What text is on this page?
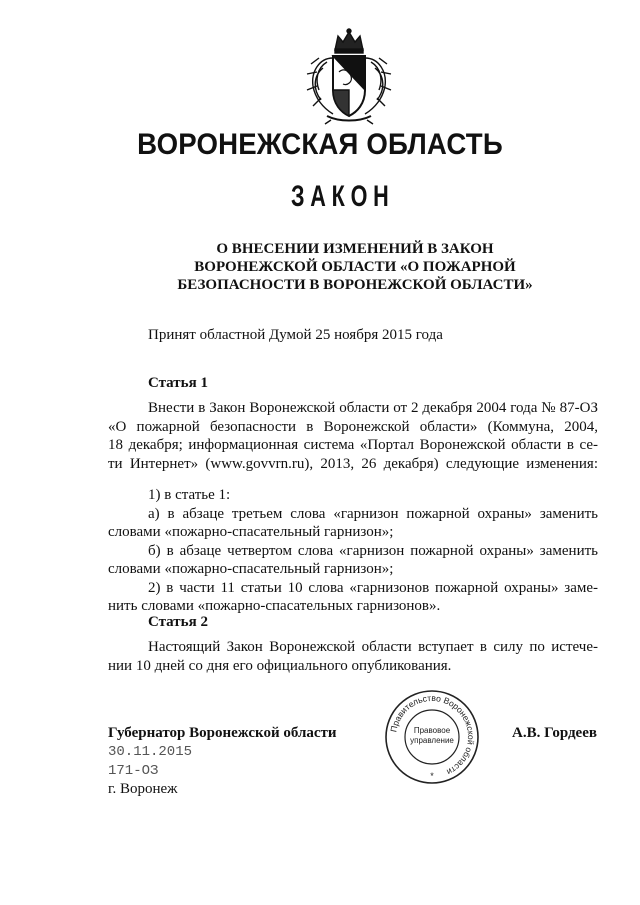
ВОРОНЕЖСКАЯ ОБЛАСТЬ
ЗАКОН
О ВНЕСЕНИИ ИЗМЕНЕНИЙ В ЗАКОН
ВОРОНЕЖСКОЙ ОБЛАСТИ «О ПОЖАРНОЙ
БЕЗОПАСНОСТИ В ВОРОНЕЖСКОЙ ОБЛАСТИ»
Принят областной Думой 25 ноября 2015 года
Статья 1
Внести в Закон Воронежской области от 2 декабря 2004 года № 87-ОЗ
«О пожарной безопасности в Воронежской области» (Коммуна, 2004,
18 декабря; информационная система «Портал Воронежской области в се-
ти Интернет» (www.govvrn.ru), 2013, 26 декабря) следующие изменения:
1) в статье 1:
а) в абзаце третьем слова «гарнизон пожарной охраны» заменить
словами «пожарно-спасательный гарнизон»;
б) в абзаце четвертом слова «гарнизон пожарной охраны» заменить
словами «пожарно-спасательный гарнизон»;
2) в части 11 статьи 10 слова «гарнизонов пожарной охраны» заме-
нить словами «пожарно-спасательных гарнизонов».
Статья 2
Настоящий Закон Воронежской области вступает в силу по истече-
нии 10 дней со дня его официального опубликования.
Губернатор Воронежской области
30.11.2015
171-ОЗ
г. Воронеж
Правительство Воронежской области
Правовое
управление
*
А.В. Гордеев
